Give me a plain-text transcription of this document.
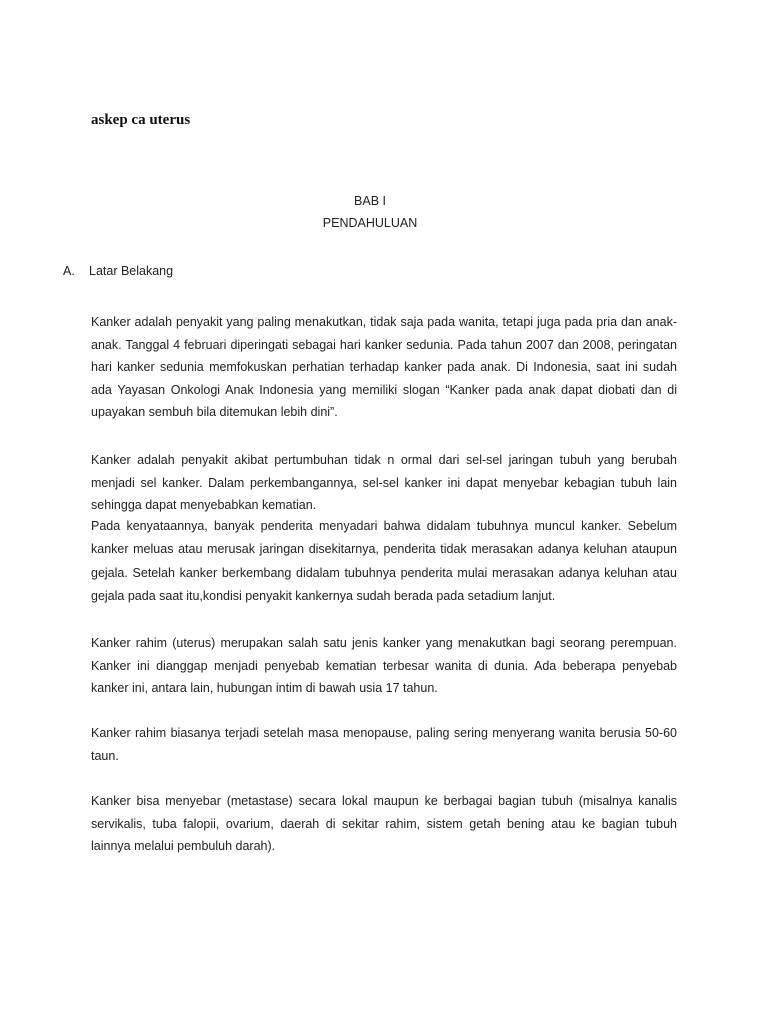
askep ca uterus
BAB I
PENDAHULUAN
A. Latar Belakang
Kanker adalah penyakit yang paling menakutkan, tidak saja pada wanita, tetapi juga pada pria dan anak-anak. Tanggal 4 februari diperingati sebagai hari kanker sedunia. Pada tahun 2007 dan 2008, peringatan hari kanker sedunia memfokuskan perhatian terhadap kanker pada anak. Di Indonesia, saat ini sudah ada Yayasan Onkologi Anak Indonesia yang memiliki slogan “Kanker pada anak dapat diobati dan di upayakan sembuh bila ditemukan lebih dini”.
Kanker adalah penyakit akibat pertumbuhan tidak n ormal dari sel-sel jaringan tubuh yang berubah menjadi sel kanker. Dalam perkembangannya, sel-sel kanker ini dapat menyebar kebagian tubuh lain sehingga dapat menyebabkan kematian.
Pada kenyataannya, banyak penderita menyadari bahwa didalam tubuhnya muncul kanker. Sebelum kanker meluas atau merusak jaringan disekitarnya, penderita tidak merasakan adanya keluhan ataupun gejala. Setelah kanker berkembang didalam tubuhnya penderita mulai merasakan adanya keluhan atau gejala pada saat itu,kondisi penyakit kankernya sudah berada pada setadium lanjut.
Kanker rahim (uterus) merupakan salah satu jenis kanker yang menakutkan bagi seorang perempuan. Kanker ini dianggap menjadi penyebab kematian terbesar wanita di dunia. Ada beberapa penyebab kanker ini, antara lain, hubungan intim di bawah usia 17 tahun.
Kanker rahim biasanya terjadi setelah masa menopause, paling sering menyerang wanita berusia 50-60 taun.
Kanker bisa menyebar (metastase) secara lokal maupun ke berbagai bagian tubuh (misalnya kanalis servikalis, tuba falopii, ovarium, daerah di sekitar rahim, sistem getah bening atau ke bagian tubuh lainnya melalui pembuluh darah).
